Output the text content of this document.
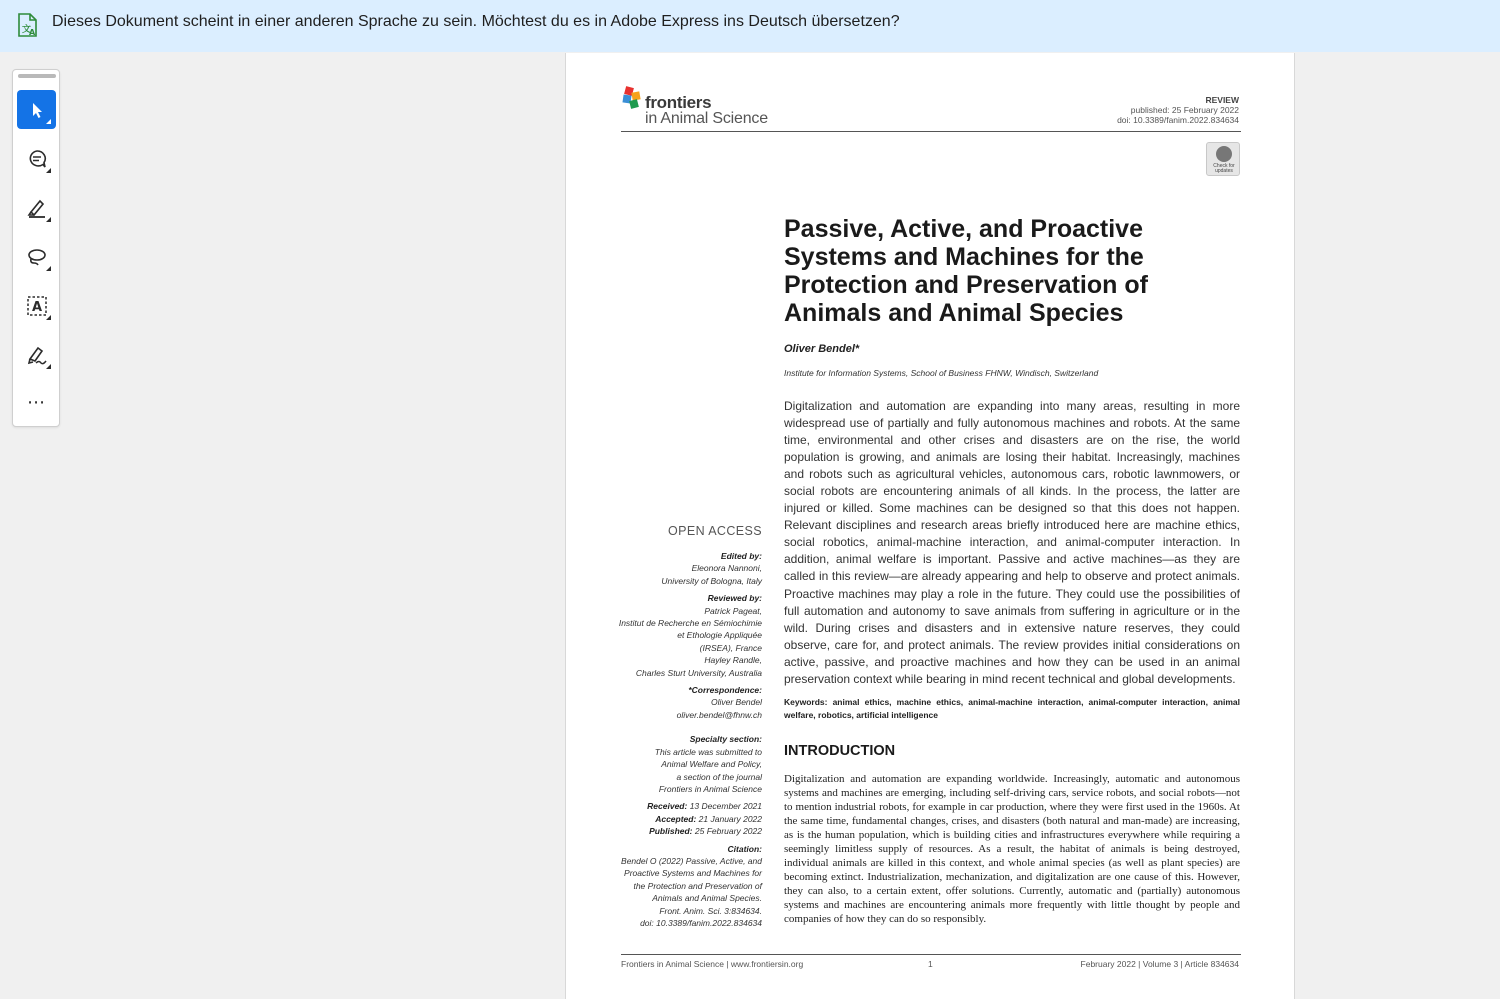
文
A
Dieses Dokument scheint in einer anderen Sprache zu sein. Möchtest du es in Adobe Express ins Deutsch übersetzen?
A
⋯
frontiers
in Animal Science
REVIEW
published: 25 February 2022
doi: 10.3389/fanim.2022.834634
Check for updates
Passive, Active, and Proactive Systems and Machines for the Protection and Preservation of Animals and Animal Species
Oliver Bendel*
Institute for Information Systems, School of Business FHNW, Windisch, Switzerland
Digitalization and automation are expanding into many areas, resulting in more widespread use of partially and fully autonomous machines and robots. At the same time, environmental and other crises and disasters are on the rise, the world population is growing, and animals are losing their habitat. Increasingly, machines and robots such as agricultural vehicles, autonomous cars, robotic lawnmowers, or social robots are encountering animals of all kinds. In the process, the latter are injured or killed. Some machines can be designed so that this does not happen. Relevant disciplines and research areas briefly introduced here are machine ethics, social robotics, animal-machine interaction, and animal-computer interaction. In addition, animal welfare is important. Passive and active machines—as they are called in this review—are already appearing and help to observe and protect animals. Proactive machines may play a role in the future. They could use the possibilities of full automation and autonomy to save animals from suffering in agriculture or in the wild. During crises and disasters and in extensive nature reserves, they could observe, care for, and protect animals. The review provides initial considerations on active, passive, and proactive machines and how they can be used in an animal preservation context while bearing in mind recent technical and global developments.
Keywords: animal ethics, machine ethics, animal-machine interaction, animal-computer interaction, animal welfare, robotics, artificial intelligence
INTRODUCTION
Digitalization and automation are expanding worldwide. Increasingly, automatic and autonomous systems and machines are emerging, including self-driving cars, service robots, and social robots—not to mention industrial robots, for example in car production, where they were first used in the 1960s. At the same time, fundamental changes, crises, and disasters (both natural and man-made) are increasing, as is the human population, which is building cities and infrastructures everywhere while requiring a seemingly limitless supply of resources. As a result, the habitat of animals is being destroyed, individual animals are killed in this context, and whole animal species (as well as plant species) are becoming extinct. Industrialization, mechanization, and digitalization are one cause of this. However, they can also, to a certain extent, offer solutions. Currently, automatic and (partially) autonomous systems and machines are encountering animals more frequently with little thought by people and companies of how they can do so responsibly.
OPEN ACCESS
Edited by:
Eleonora Nannoni,
University of Bologna, Italy
Reviewed by:
Patrick Pageat,
Institut de Recherche en Sémiochimie
et Ethologie Appliquée
(IRSEA), France
Hayley Randle,
Charles Sturt University, Australia
*Correspondence:
Oliver Bendel
oliver.bendel@fhnw.ch
Specialty section:
This article was submitted to
Animal Welfare and Policy,
a section of the journal
Frontiers in Animal Science
Received: 13 December 2021
Accepted: 21 January 2022
Published: 25 February 2022
Citation:
Bendel O (2022) Passive, Active, and
Proactive Systems and Machines for
the Protection and Preservation of
Animals and Animal Species.
Front. Anim. Sci. 3:834634.
doi: 10.3389/fanim.2022.834634
Frontiers in Animal Science | www.frontiersin.org	1	February 2022 | Volume 3 | Article 834634
